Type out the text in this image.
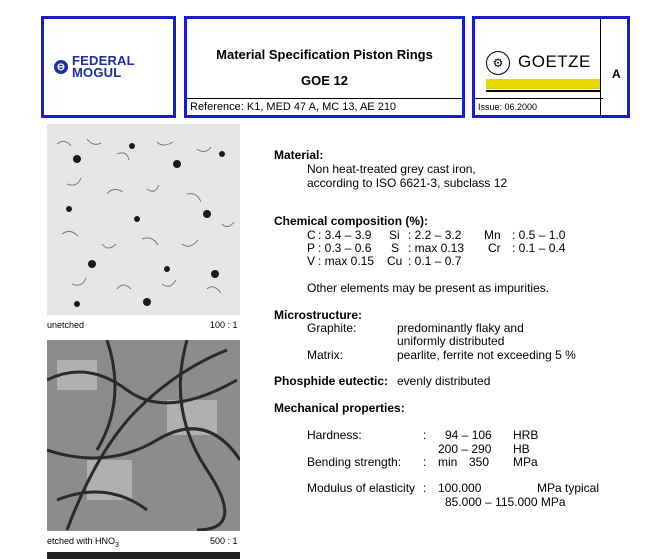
⊖ FEDERAL
MOGUL
Material Specification Piston Rings
GOE 12
Reference: K1, MED 47 A, MC 13, AE 210
⚙ GOETZE
A
Issue: 06.2000
unetched	100 : 1
etched with $HNO_3$	500 : 1
Material:
Non heat-treated grey cast iron,
according to ISO 6621-3, subclass 12
Chemical composition (%):
C : 3.4 – 3.9 Si : 2.2 – 3.2 Mn : 0.5 – 1.0
P : 0.3 – 0.6 S : max 0.13 Cr : 0.1 – 0.4
V : max 0.15 Cu : 0.1 – 0.7
Other elements may be present as impurities.
Microstructure:
Graphite:	predominantly flaky and
uniformly distributed
Matrix:	pearlite, ferrite not exceeding 5 %
Phosphide eutectic: evenly distributed
Mechanical properties:
Hardness:	: 94 – 106 HRB
200 – 290 HB
Bending strength: : min 350 MPa
Modulus of elasticity : 100.000	MPa typical
85.000 – 115.000 MPa
